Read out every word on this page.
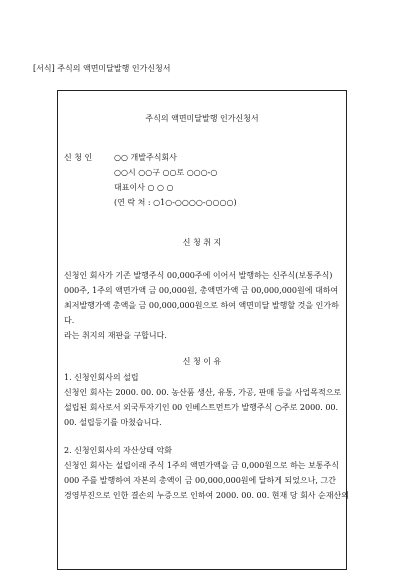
[서식] 주식의 액면미달발행 인가신청서
주식의 액면미달발행 인가신청서
신 청 인	○○ 개발주식회사
○○시 ○○구 ○○로 ○○○-○
대표이사 ○ ○ ○
(연 락 처 : ○1○-○○○○-○○○○)
신 청 취 지
신청인 회사가 기존 발행주식 00,000주에 이어서 발행하는 신주식(보통주식)
000주, 1주의 액면가액 금 00,000원, 총액면가액 금 00,000,000원에 대하여
최저발행가액 총액을 금 00,000,000원으로 하여 액면미달 발행할 것을 인가하
다.
라는 취지의 재판을 구합니다.
신 청 이 유
1. 신청인회사의 설립
신청인 회사는 2000. 00. 00. 농산품 생산, 유통, 가공, 판매 등을 사업목적으로
설립된 회사로서 외국투자기인 00 인베스트먼트가 발행주식 ○주로 2000. 00.
00. 설립등기를 마쳤습니다.
2. 신청인회사의 자산상태 악화
신청인 회사는 설립이래 주식 1주의 액면가액을 금 0,000원으로 하는 보통주식
000 주를 발행하여 자본의 총액이 금 00,000,000원에 달하게 되었으나, 그간
경영부진으로 인한 결손의 누증으로 인하여 2000. 00. 00. 현재 당 회사 순재산의
